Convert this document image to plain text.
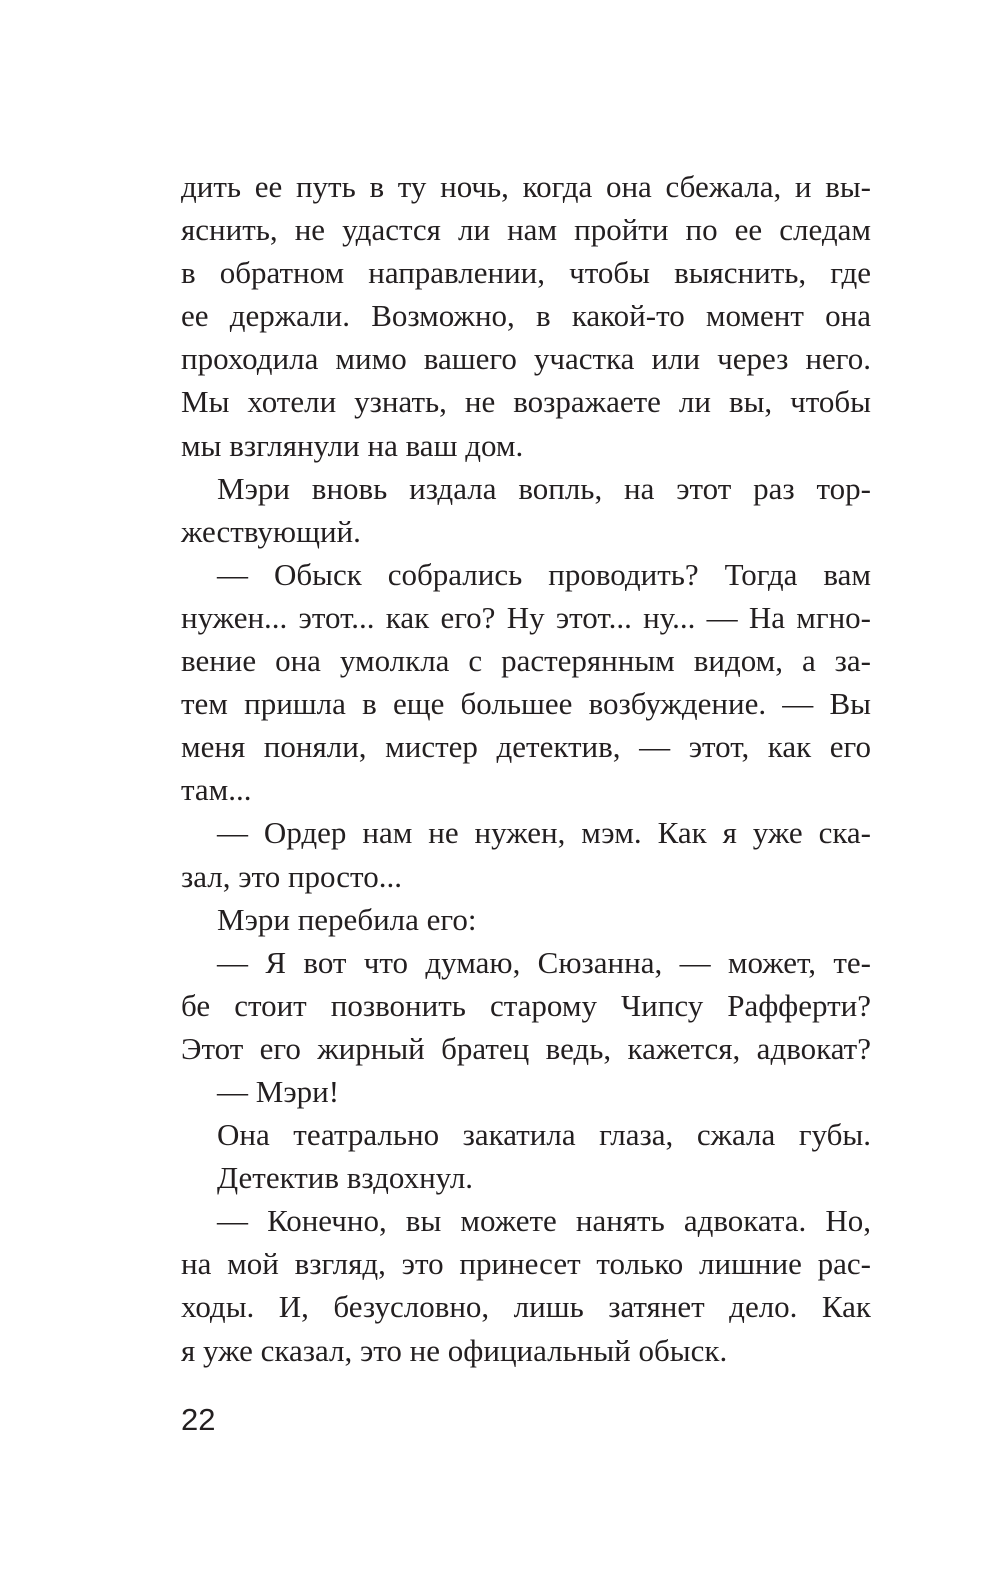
дить ее путь в ту ночь, когда она сбежала, и вы-
яснить, не удастся ли нам пройти по ее следам
в обратном направлении, чтобы выяснить, где
ее держали. Возможно, в какой-то момент она
проходила мимо вашего участка или через него.
Мы хотели узнать, не возражаете ли вы, чтобы
мы взглянули на ваш дом.
Мэри вновь издала вопль, на этот раз тор-
жествующий.
— Обыск собрались проводить? Тогда вам
нужен... этот... как его? Ну этот... ну... — На мгно-
вение она умолкла с растерянным видом, а за-
тем пришла в еще большее возбуждение. — Вы
меня поняли, мистер детектив, — этот, как его
там...
— Ордер нам не нужен, мэм. Как я уже ска-
зал, это просто...
Мэри перебила его:
— Я вот что думаю, Сюзанна, — может, те-
бе стоит позвонить старому Чипсу Рафферти?
Этот его жирный братец ведь, кажется, адвокат?
— Мэри!
Она театрально закатила глаза, сжала губы.
Детектив вздохнул.
— Конечно, вы можете нанять адвоката. Но,
на мой взгляд, это принесет только лишние рас-
ходы. И, безусловно, лишь затянет дело. Как
я уже сказал, это не официальный обыск.
22
